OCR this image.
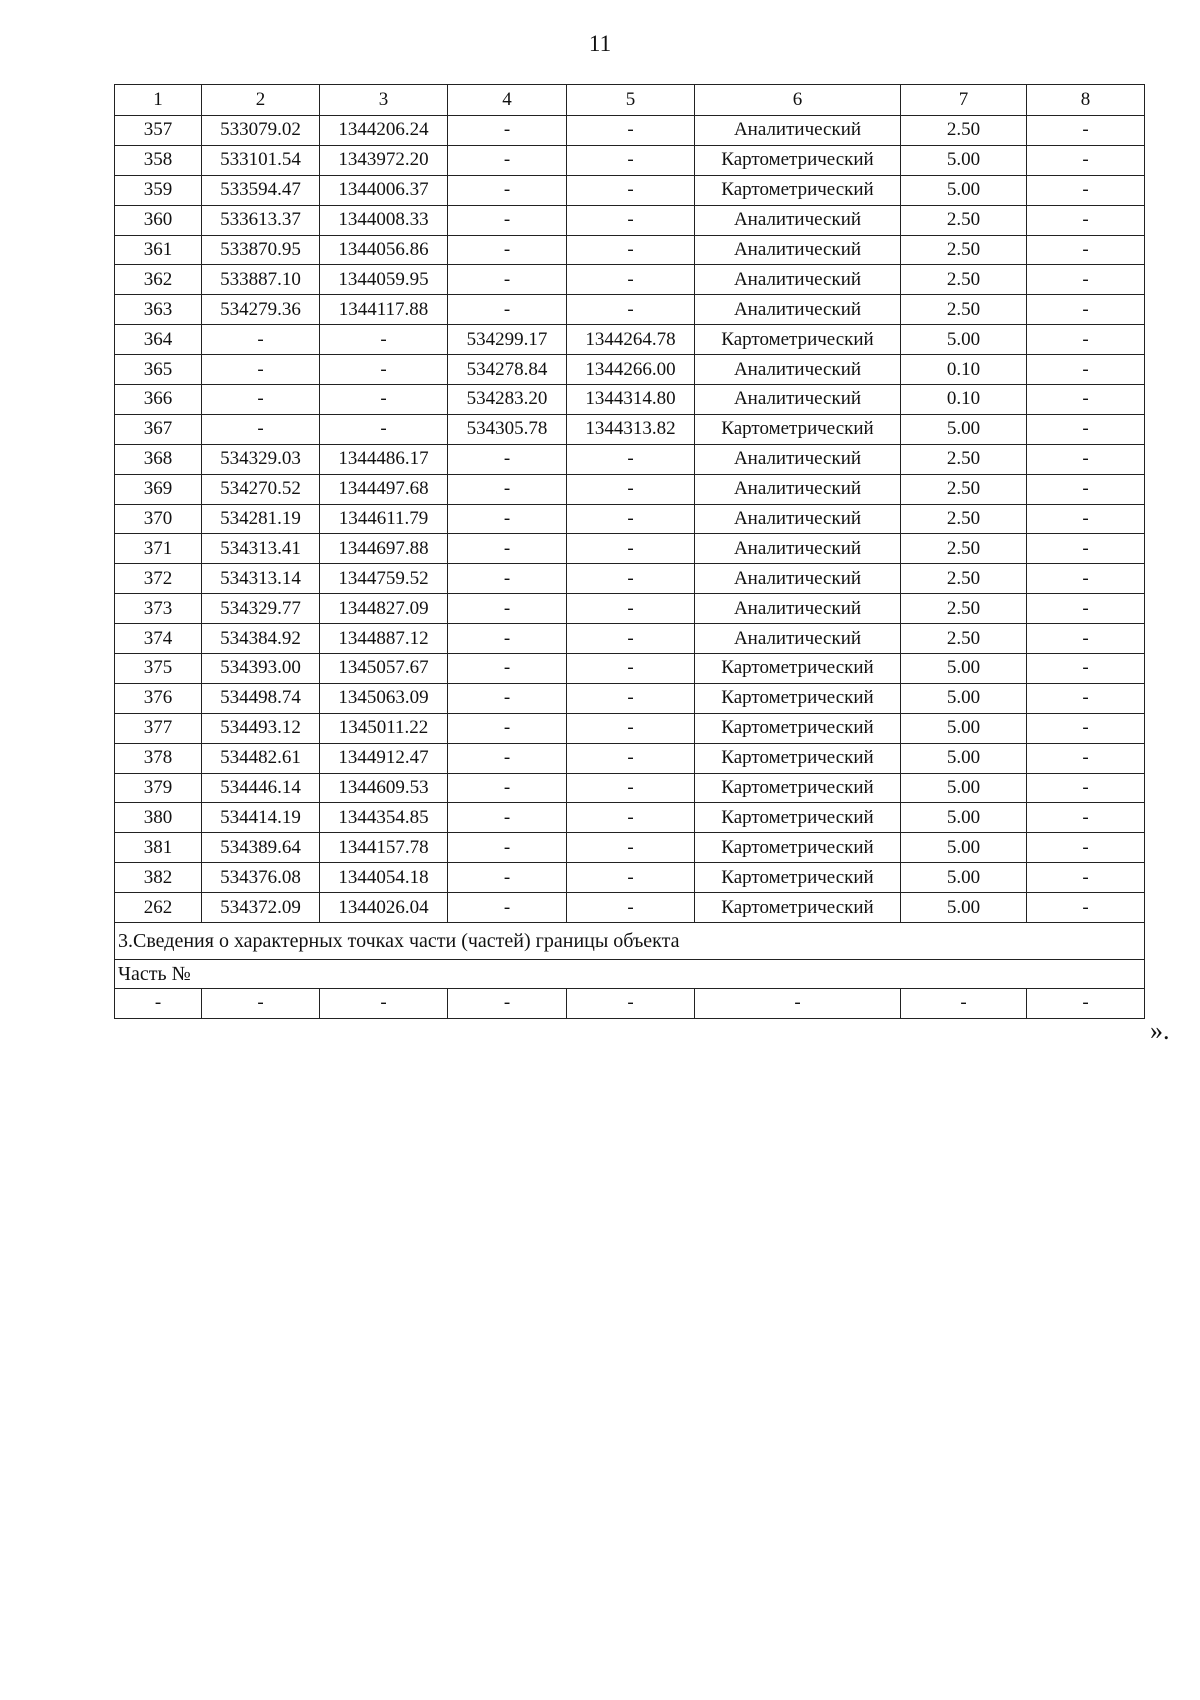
11
1	2	3	4	5	6	7	8
357	533079.02	1344206.24	-	-	Аналитический	2.50	-
358	533101.54	1343972.20	-	-	Картометрический	5.00	-
359	533594.47	1344006.37	-	-	Картометрический	5.00	-
360	533613.37	1344008.33	-	-	Аналитический	2.50	-
361	533870.95	1344056.86	-	-	Аналитический	2.50	-
362	533887.10	1344059.95	-	-	Аналитический	2.50	-
363	534279.36	1344117.88	-	-	Аналитический	2.50	-
364	-	-	534299.17	1344264.78	Картометрический	5.00	-
365	-	-	534278.84	1344266.00	Аналитический	0.10	-
366	-	-	534283.20	1344314.80	Аналитический	0.10	-
367	-	-	534305.78	1344313.82	Картометрический	5.00	-
368	534329.03	1344486.17	-	-	Аналитический	2.50	-
369	534270.52	1344497.68	-	-	Аналитический	2.50	-
370	534281.19	1344611.79	-	-	Аналитический	2.50	-
371	534313.41	1344697.88	-	-	Аналитический	2.50	-
372	534313.14	1344759.52	-	-	Аналитический	2.50	-
373	534329.77	1344827.09	-	-	Аналитический	2.50	-
374	534384.92	1344887.12	-	-	Аналитический	2.50	-
375	534393.00	1345057.67	-	-	Картометрический	5.00	-
376	534498.74	1345063.09	-	-	Картометрический	5.00	-
377	534493.12	1345011.22	-	-	Картометрический	5.00	-
378	534482.61	1344912.47	-	-	Картометрический	5.00	-
379	534446.14	1344609.53	-	-	Картометрический	5.00	-
380	534414.19	1344354.85	-	-	Картометрический	5.00	-
381	534389.64	1344157.78	-	-	Картометрический	5.00	-
382	534376.08	1344054.18	-	-	Картометрический	5.00	-
262	534372.09	1344026.04	-	-	Картометрический	5.00	-
3.Сведения о характерных точках части (частей) границы объекта							
Часть №							
-	-	-	-	-	-	-	-
».
